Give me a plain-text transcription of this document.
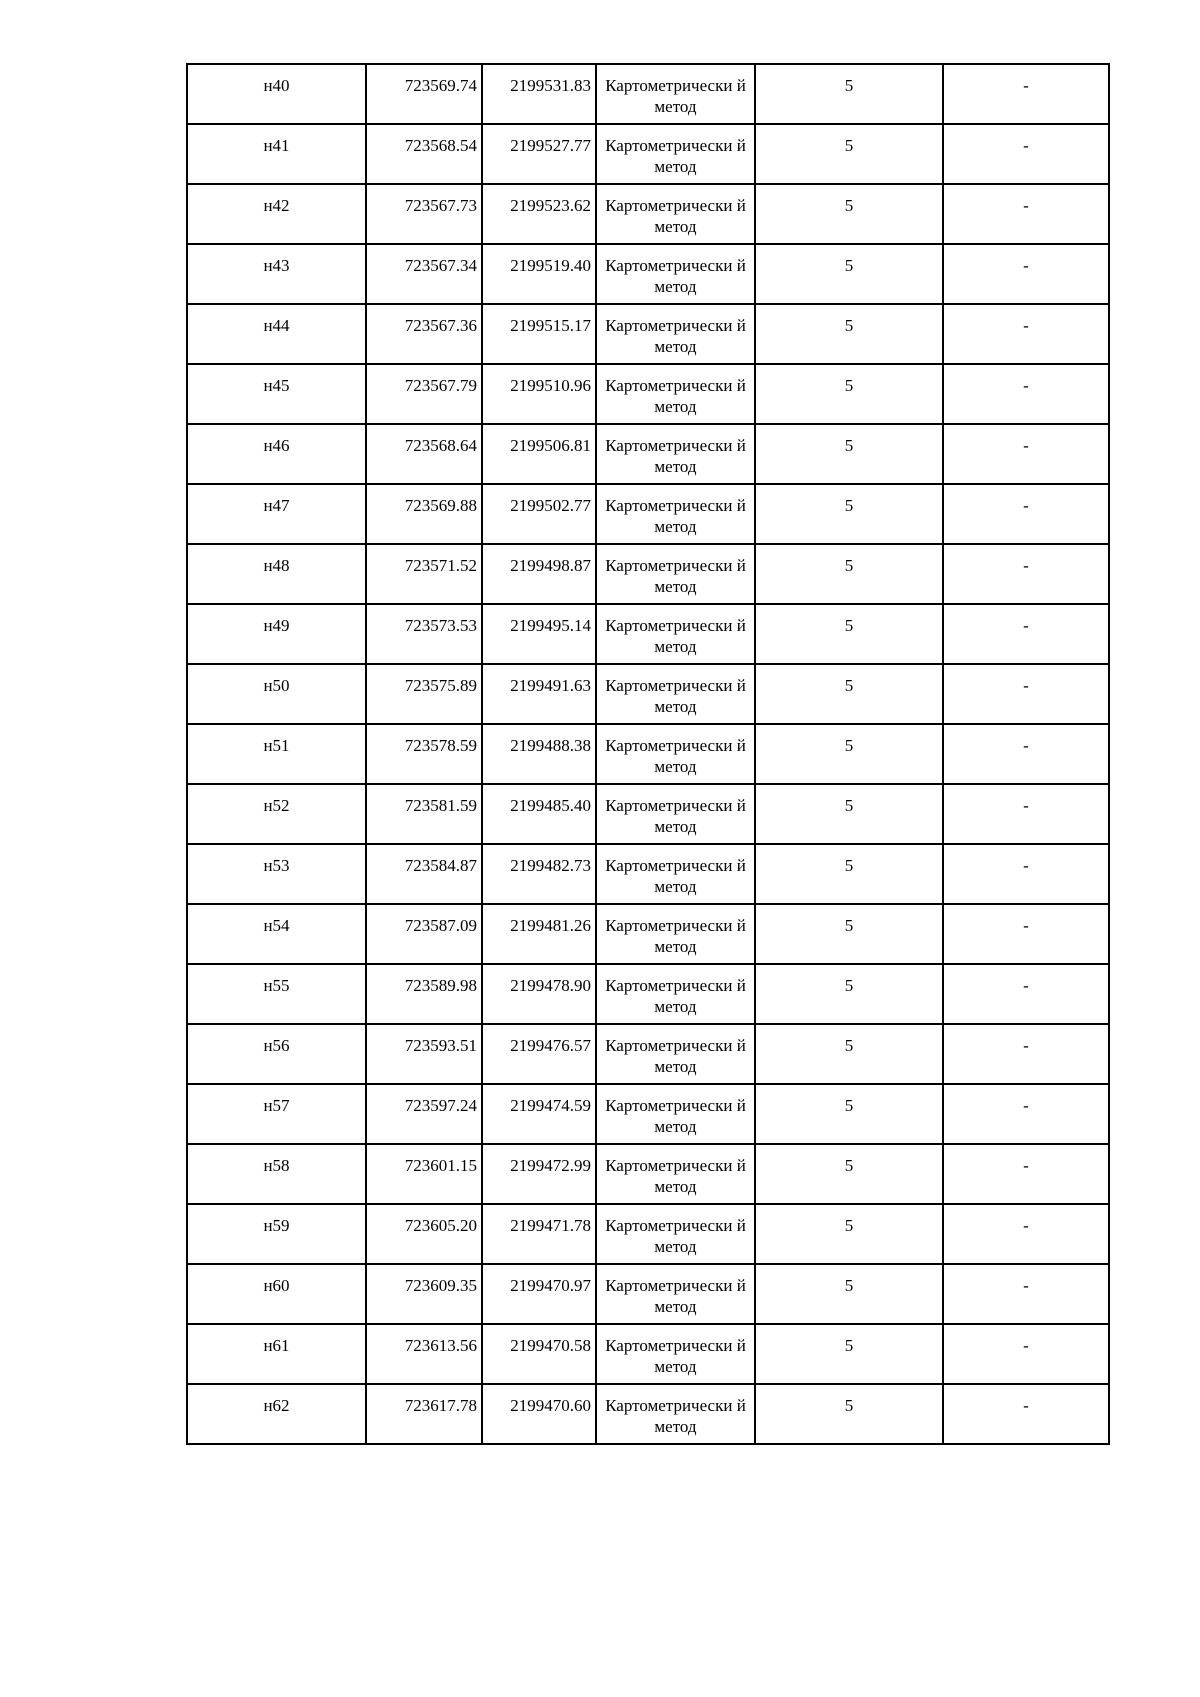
н40	723569.74	2199531.83	Картометрически й метод	5	-
н41	723568.54	2199527.77	Картометрически й метод	5	-
н42	723567.73	2199523.62	Картометрически й метод	5	-
н43	723567.34	2199519.40	Картометрически й метод	5	-
н44	723567.36	2199515.17	Картометрически й метод	5	-
н45	723567.79	2199510.96	Картометрически й метод	5	-
н46	723568.64	2199506.81	Картометрически й метод	5	-
н47	723569.88	2199502.77	Картометрически й метод	5	-
н48	723571.52	2199498.87	Картометрически й метод	5	-
н49	723573.53	2199495.14	Картометрически й метод	5	-
н50	723575.89	2199491.63	Картометрически й метод	5	-
н51	723578.59	2199488.38	Картометрически й метод	5	-
н52	723581.59	2199485.40	Картометрически й метод	5	-
н53	723584.87	2199482.73	Картометрически й метод	5	-
н54	723587.09	2199481.26	Картометрически й метод	5	-
н55	723589.98	2199478.90	Картометрически й метод	5	-
н56	723593.51	2199476.57	Картометрически й метод	5	-
н57	723597.24	2199474.59	Картометрически й метод	5	-
н58	723601.15	2199472.99	Картометрически й метод	5	-
н59	723605.20	2199471.78	Картометрически й метод	5	-
н60	723609.35	2199470.97	Картометрически й метод	5	-
н61	723613.56	2199470.58	Картометрически й метод	5	-
н62	723617.78	2199470.60	Картометрически й метод	5	-
